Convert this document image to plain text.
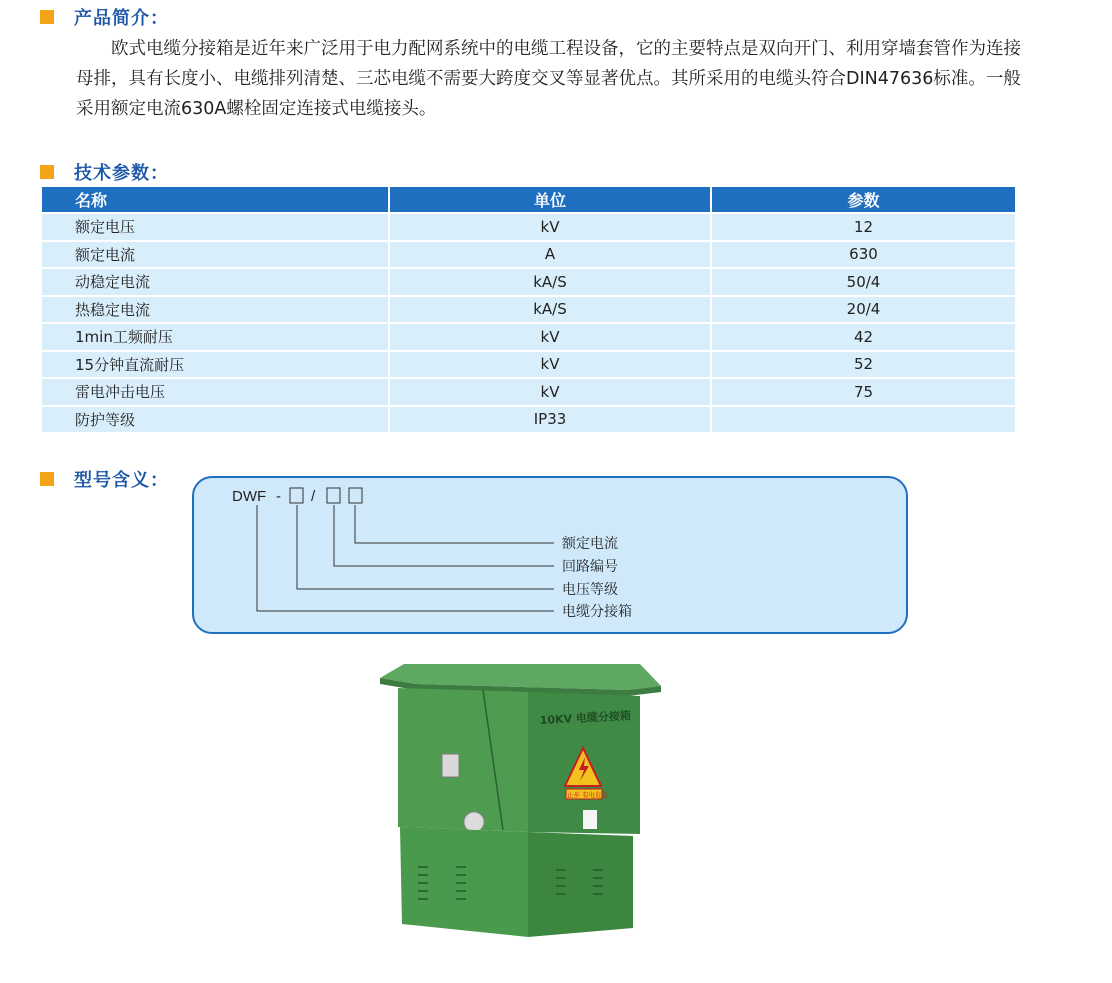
产品简介：

欧式电缆分接箱是近年来广泛用于电力配网系统中的电缆工程设备，它的主要特点是双向开门、利用穿墙套管作为连接母排，具有长度小、电缆排列清楚、三芯电缆不需要大跨度交叉等显著优点。其所采用的电缆头符合DIN47636标准。一般采用额定电流630A螺栓固定连接式电缆接头。

技术参数：
名称	单位	参数
额定电压	kV	12
额定电流	A	630
动稳定电流	kA/S	50/4
热稳定电流	kA/S	20/4
1min工频耐压	kV	42
15分钟直流耐压	kV	52
雷电冲击电压	kV	75
防护等级	IP33	
型号含义：
DWF - /
额定电流
回路编号
电压等级
电缆分接箱
10KV 电缆分接箱
止步 有电危险
